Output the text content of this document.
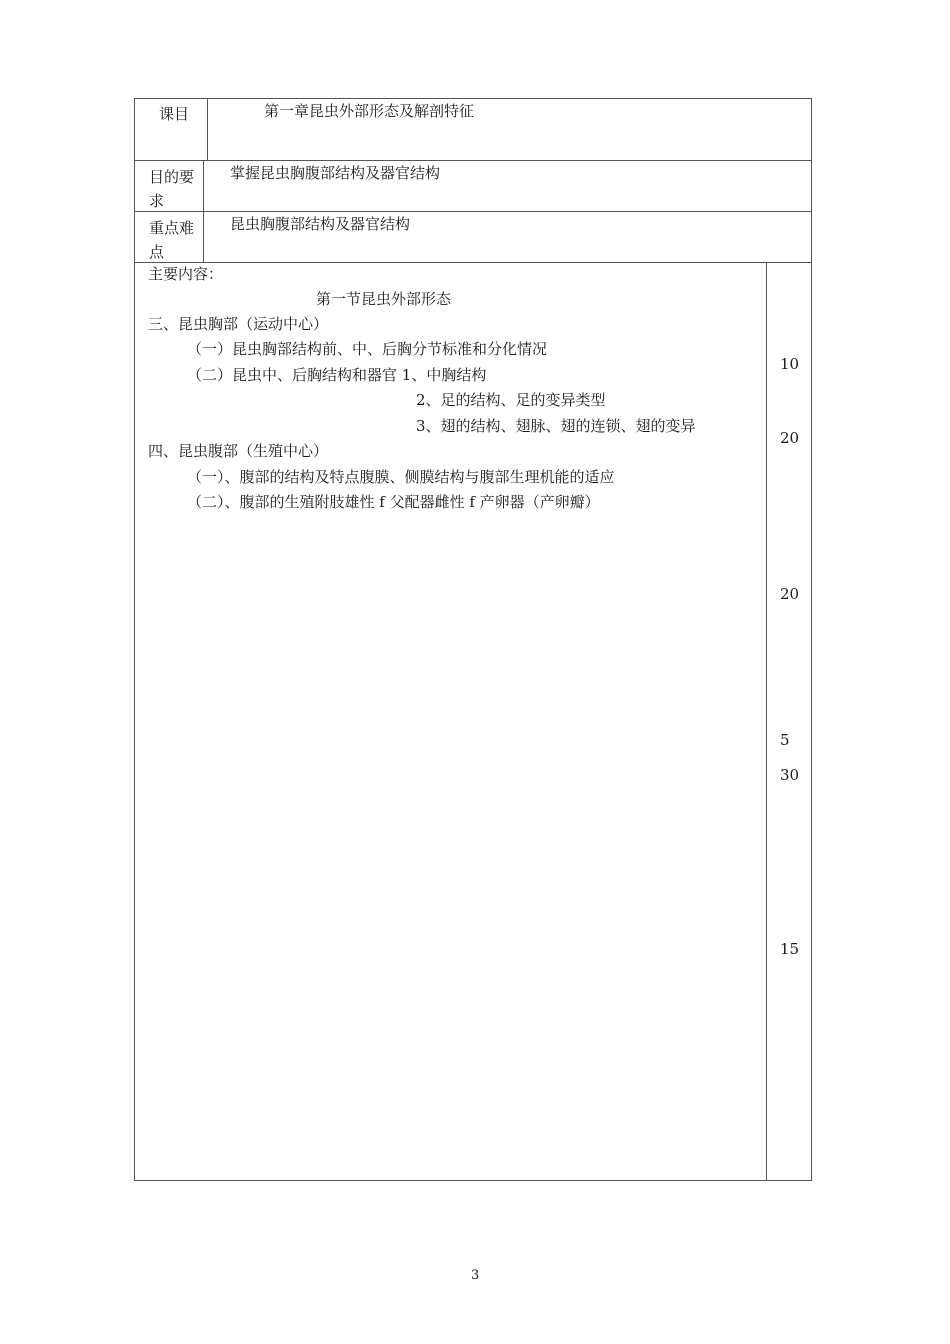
课目	第一章昆虫外部形态及解剖特征
目的要
求
掌握昆虫胸腹部结构及器官结构
重点难
点
昆虫胸腹部结构及器官结构
主要内容：
第一节昆虫外部形态
三、昆虫胸部（运动中心）
（一）昆虫胸部结构前、中、后胸分节标准和分化情况
（二）昆虫中、后胸结构和器官 1、中胸结构
2、足的结构、足的变异类型
3、翅的结构、翅脉、翅的连锁、翅的变异
四、昆虫腹部（生殖中心）
（一）、腹部的结构及特点腹膜、侧膜结构与腹部生理机能的适应
（二）、腹部的生殖附肢雄性 f 父配器雌性 f 产卵器（产卵瓣）
10
20
20
5
30
15
3
